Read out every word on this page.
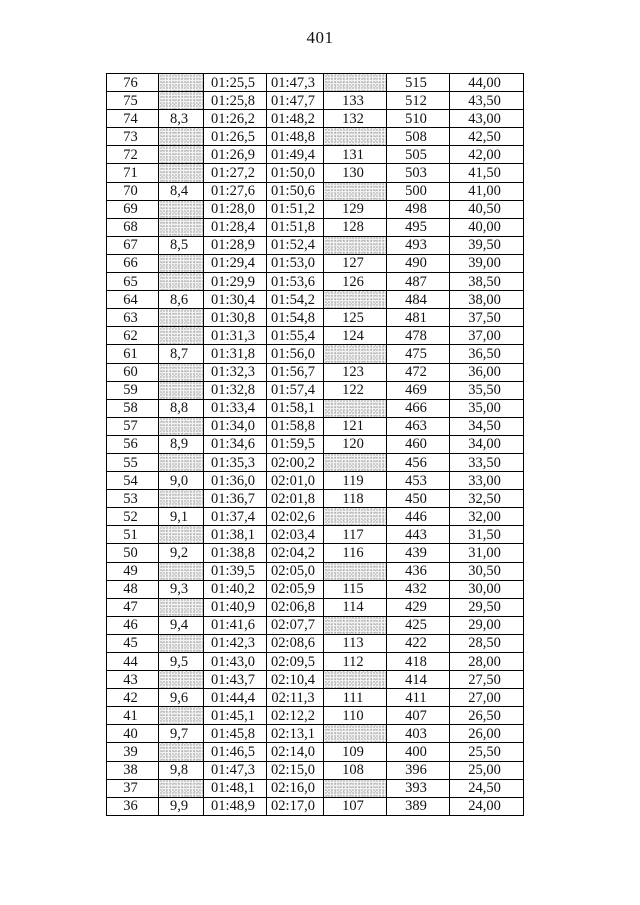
401
76		01:25,5	01:47,3		515	44,00
75		01:25,8	01:47,7	133	512	43,50
74	8,3	01:26,2	01:48,2	132	510	43,00
73		01:26,5	01:48,8		508	42,50
72		01:26,9	01:49,4	131	505	42,00
71		01:27,2	01:50,0	130	503	41,50
70	8,4	01:27,6	01:50,6		500	41,00
69		01:28,0	01:51,2	129	498	40,50
68		01:28,4	01:51,8	128	495	40,00
67	8,5	01:28,9	01:52,4		493	39,50
66		01:29,4	01:53,0	127	490	39,00
65		01:29,9	01:53,6	126	487	38,50
64	8,6	01:30,4	01:54,2		484	38,00
63		01:30,8	01:54,8	125	481	37,50
62		01:31,3	01:55,4	124	478	37,00
61	8,7	01:31,8	01:56,0		475	36,50
60		01:32,3	01:56,7	123	472	36,00
59		01:32,8	01:57,4	122	469	35,50
58	8,8	01:33,4	01:58,1		466	35,00
57		01:34,0	01:58,8	121	463	34,50
56	8,9	01:34,6	01:59,5	120	460	34,00
55		01:35,3	02:00,2		456	33,50
54	9,0	01:36,0	02:01,0	119	453	33,00
53		01:36,7	02:01,8	118	450	32,50
52	9,1	01:37,4	02:02,6		446	32,00
51		01:38,1	02:03,4	117	443	31,50
50	9,2	01:38,8	02:04,2	116	439	31,00
49		01:39,5	02:05,0		436	30,50
48	9,3	01:40,2	02:05,9	115	432	30,00
47		01:40,9	02:06,8	114	429	29,50
46	9,4	01:41,6	02:07,7		425	29,00
45		01:42,3	02:08,6	113	422	28,50
44	9,5	01:43,0	02:09,5	112	418	28,00
43		01:43,7	02:10,4		414	27,50
42	9,6	01:44,4	02:11,3	111	411	27,00
41		01:45,1	02:12,2	110	407	26,50
40	9,7	01:45,8	02:13,1		403	26,00
39		01:46,5	02:14,0	109	400	25,50
38	9,8	01:47,3	02:15,0	108	396	25,00
37		01:48,1	02:16,0		393	24,50
36	9,9	01:48,9	02:17,0	107	389	24,00
